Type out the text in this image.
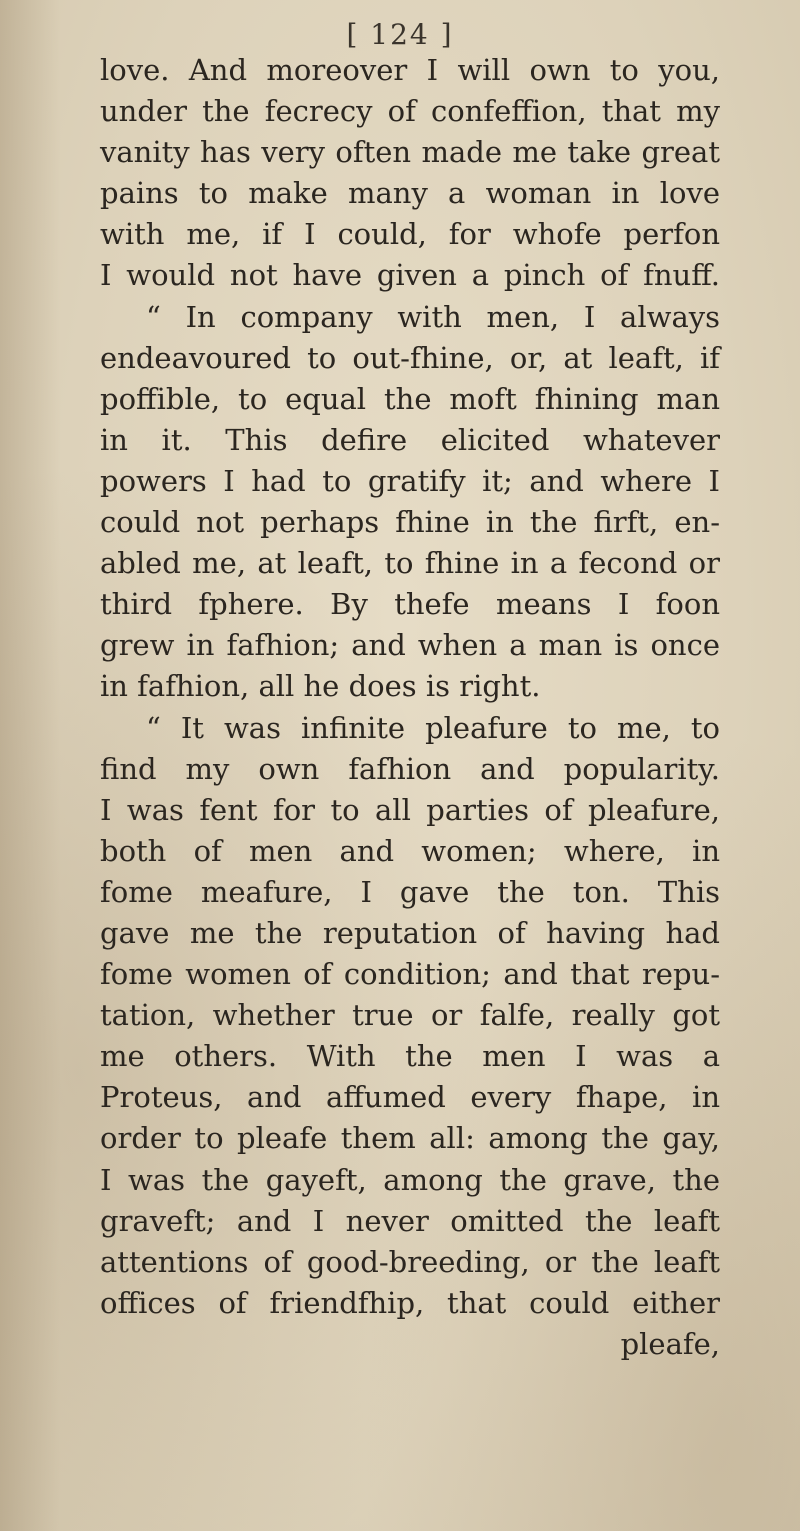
[ 124 ]
love. And moreover I will own to you,
under the fecrecy of confeffion, that my
vanity has very often made me take great
pains to make many a woman in love
with me, if I could, for whofe perfon
I would not have given a pinch of fnuff.
“ In company with men, I always
endeavoured to out-fhine, or, at leaft, if
poffible, to equal the moft fhining man
in it. This defire elicited whatever
powers I had to gratify it; and where I
could not perhaps fhine in the firft, en-
abled me, at leaft, to fhine in a fecond or
third fphere. By thefe means I foon
grew in fafhion; and when a man is once
in fafhion, all he does is right.
“ It was infinite pleafure to me, to
find my own fafhion and popularity.
I was fent for to all parties of pleafure,
both of men and women; where, in
fome meafure, I gave the ton. This
gave me the reputation of having had
fome women of condition; and that repu-
tation, whether true or falfe, really got
me others. With the men I was a
Proteus, and affumed every fhape, in
order to pleafe them all: among the gay,
I was the gayeft, among the grave, the
graveft; and I never omitted the leaft
attentions of good-breeding, or the leaft
offices of friendfhip, that could either
pleafe,
